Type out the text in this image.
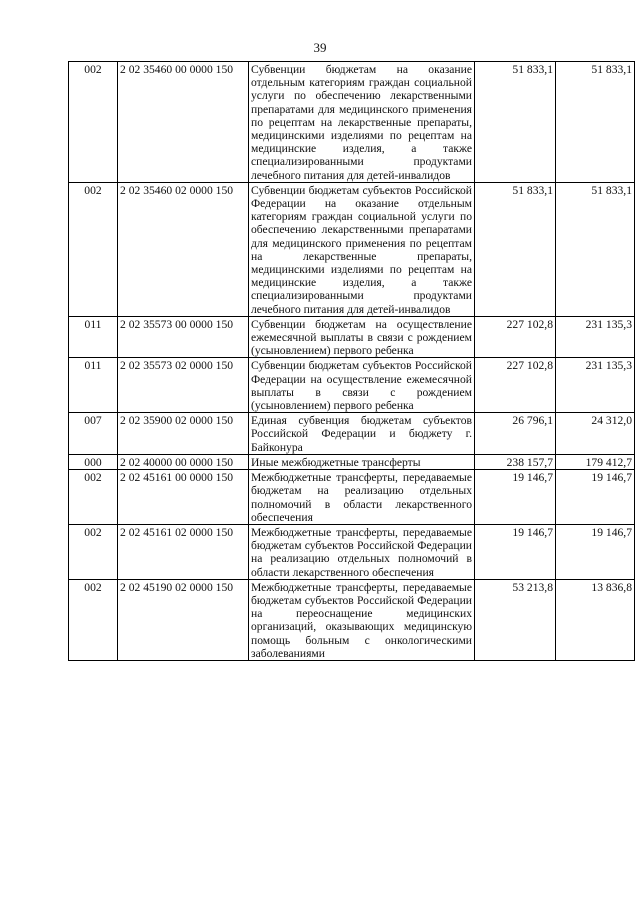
39
002	2 02 35460 00 0000 150	Субвенции бюджетам на оказание отдельным категориям граждан социальной услуги по обеспечению лекарственными препаратами для медицинского применения по рецептам на лекарственные препараты, медицинскими изделиями по рецептам на медицинские изделия, а также специализированными продуктами лечебного питания для детей-инвалидов	51 833,1	51 833,1
002	2 02 35460 02 0000 150	Субвенции бюджетам субъектов Российской Федерации на оказание отдельным категориям граждан социальной услуги по обеспечению лекарственными препаратами для медицинского применения по рецептам на лекарственные препараты, медицинскими изделиями по рецептам на медицинские изделия, а также специализированными продуктами лечебного питания для детей-инвалидов	51 833,1	51 833,1
011	2 02 35573 00 0000 150	Субвенции бюджетам на осуществление ежемесячной выплаты в связи с рождением (усыновлением) первого ребенка	227 102,8	231 135,3
011	2 02 35573 02 0000 150	Субвенции бюджетам субъектов Российской Федерации на осуществление ежемесячной выплаты в связи с рождением (усыновлением) первого ребенка	227 102,8	231 135,3
007	2 02 35900 02 0000 150	Единая субвенция бюджетам субъектов Российской Федерации и бюджету г. Байконура	26 796,1	24 312,0
000	2 02 40000 00 0000 150	Иные межбюджетные трансферты	238 157,7	179 412,7
002	2 02 45161 00 0000 150	Межбюджетные трансферты, передаваемые бюджетам на реализацию отдельных полномочий в области лекарственного обеспечения	19 146,7	19 146,7
002	2 02 45161 02 0000 150	Межбюджетные трансферты, передаваемые бюджетам субъектов Российской Федерации на реализацию отдельных полномочий в области лекарственного обеспечения	19 146,7	19 146,7
002	2 02 45190 02 0000 150	Межбюджетные трансферты, передаваемые бюджетам субъектов Российской Федерации на переоснащение медицинских организаций, оказывающих медицинскую помощь больным с онкологическими заболеваниями	53 213,8	13 836,8
